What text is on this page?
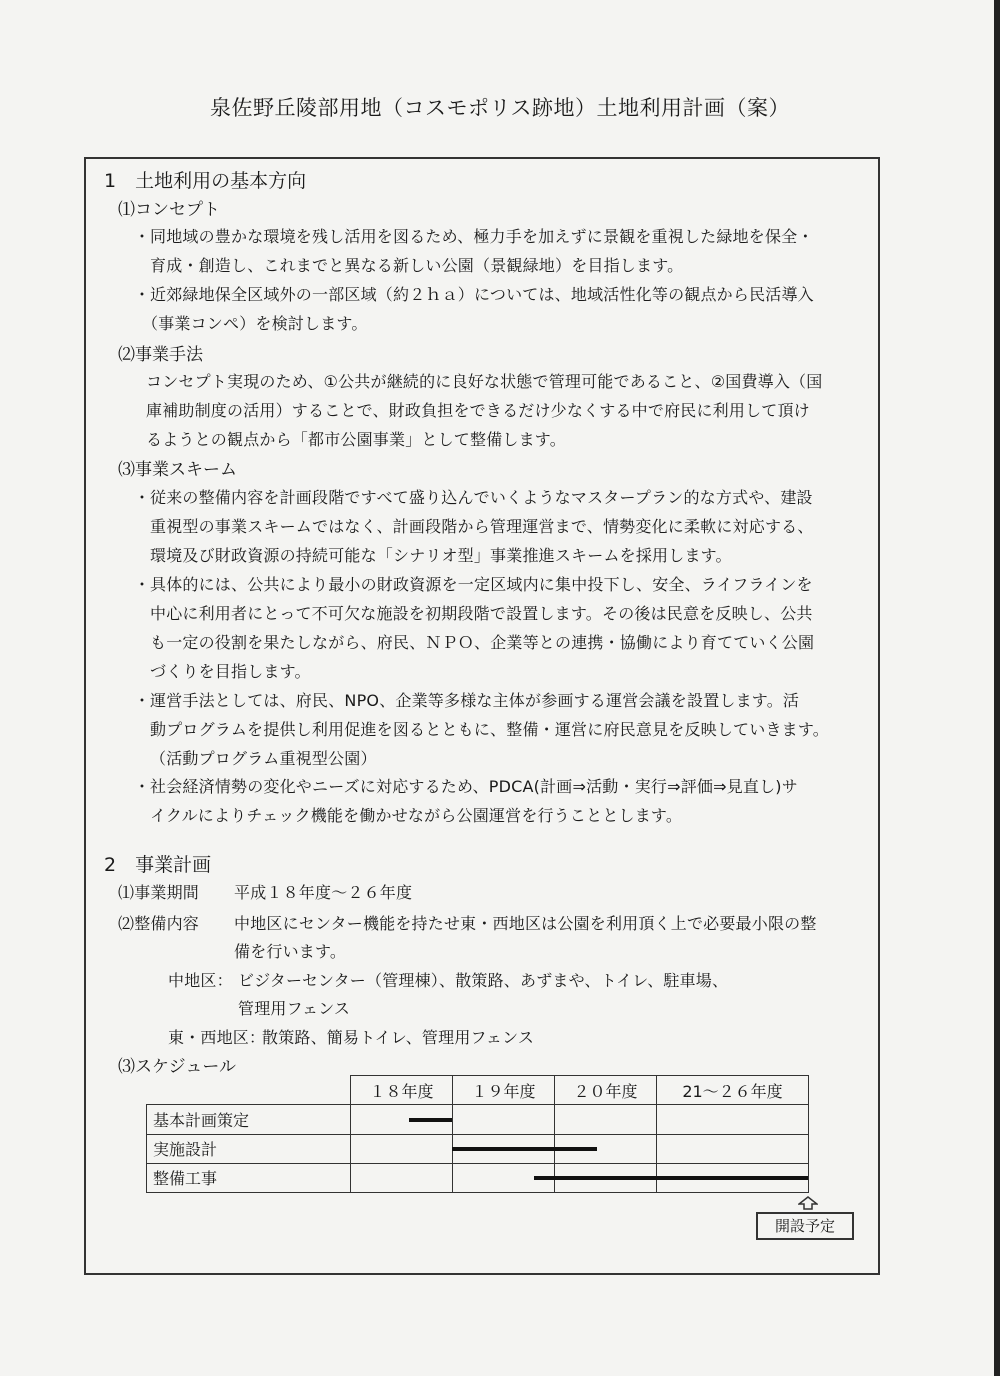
泉佐野丘陵部用地（コスモポリス跡地）土地利用計画（案）
1　土地利用の基本方向
⑴コンセプト
・ 同地域の豊かな環境を残し活用を図るため、極力手を加えずに景観を重視した緑地を保全・
育成・創造し、これまでと異なる新しい公園（景観緑地）を目指します。
・ 近郊緑地保全区域外の一部区域（約２ｈａ）については、地域活性化等の観点から民活導入
（事業コンペ）を検討します。
⑵事業手法
コンセプト実現のため、①公共が継続的に良好な状態で管理可能であること、②国費導入（国
庫補助制度の活用）することで、財政負担をできるだけ少なくする中で府民に利用して頂け
るようとの観点から「都市公園事業」として整備します。
⑶事業スキーム
・ 従来の整備内容を計画段階ですべて盛り込んでいくようなマスタープラン的な方式や、建設
重視型の事業スキームではなく、計画段階から管理運営まで、情勢変化に柔軟に対応する、
環境及び財政資源の持続可能な「シナリオ型」事業推進スキームを採用します。
・ 具体的には、公共により最小の財政資源を一定区域内に集中投下し、安全、ライフラインを
中心に利用者にとって不可欠な施設を初期段階で設置します。その後は民意を反映し、公共
も一定の役割を果たしながら、府民、ＮＰＯ、企業等との連携・協働により育てていく公園
づくりを目指します。
・ 運営手法としては、府民、NPO、企業等多様な主体が参画する運営会議を設置します。活
動プログラムを提供し利用促進を図るとともに、整備・運営に府民意見を反映していきます。
（活動プログラム重視型公園）
・ 社会経済情勢の変化やニーズに対応するため、PDCA(計画⇒活動・実行⇒評価⇒見直し)サ
イクルによりチェック機能を働かせながら公園運営を行うこととします。
2　事業計画
⑴事業期間 平成１８年度～２６年度
⑵整備内容 中地区にセンター機能を持たせ東・西地区は公園を利用頂く上で必要最小限の整
備を行います。
中地区： ビジターセンター（管理棟）、散策路、あずまや、トイレ、駐車場、
管理用フェンス
東・西地区：
散策路、簡易トイレ、管理用フェンス
⑶スケジュール
	１８年度	１９年度	２０年度	21～２６年度
基本計画策定				
実施設計				
整備工事				
開設予定
